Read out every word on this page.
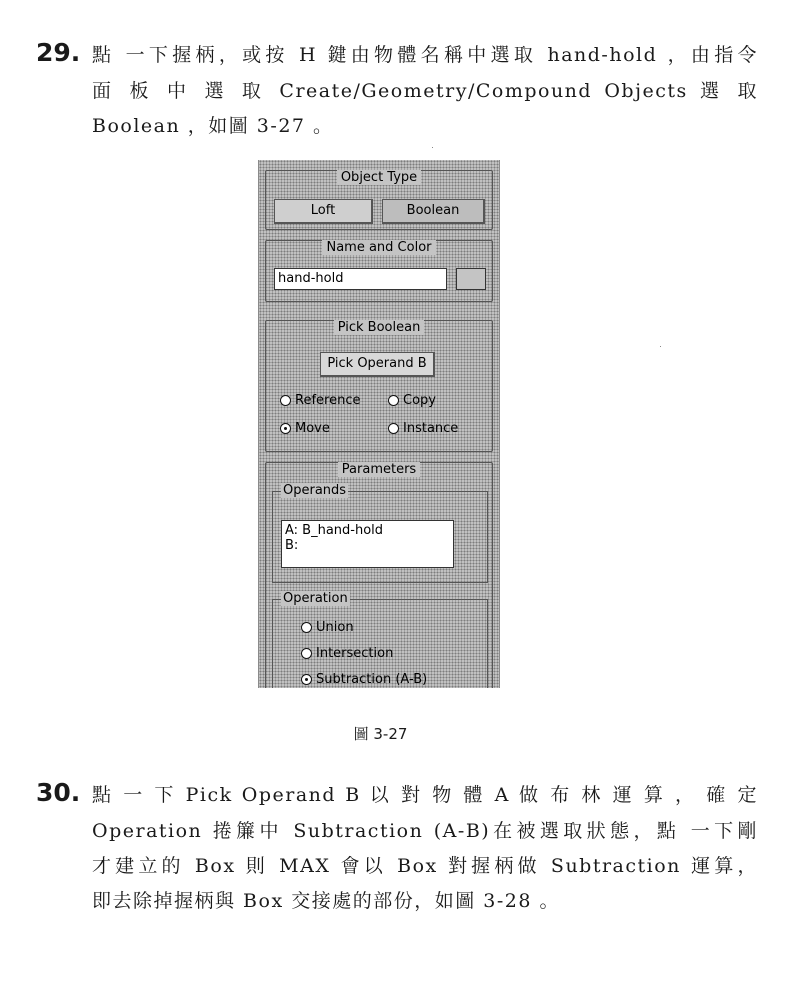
29. 點 一下握柄，或按 H 鍵由物體名稱中選取 hand-hold ，由指令
面 板 中 選 取 Create/Geometry/Compound Objects 選 取
Boolean ，如圖 3-27 。
Object Type
Loft	Boolean
Name and Color
hand-hold
Pick Boolean
Pick Operand B
Reference	Copy
Move	Instance
Parameters
Operands
A: B_hand-hold
B:
Operation
Union
Intersection
Subtraction (A-B)
圖 3-27
30. 點 一 下 Pick Operand B 以 對 物 體 A 做 布 林 運 算 ， 確 定
Operation 捲簾中 Subtraction (A-B)在被選取狀態，點 一下剛
才建立的 Box 則 MAX 會以 Box 對握柄做 Subtraction 運算，
即去除掉握柄與 Box 交接處的部份，如圖 3-28 。
